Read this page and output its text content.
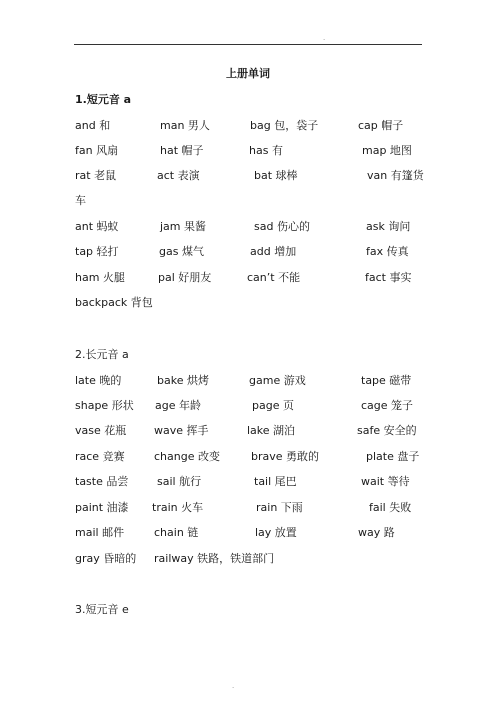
.
上册单词
1.短元音 a
and 和	man 男人	bag 包，袋子	cap 帽子
fan 风扇	hat 帽子	has 有	map 地图
rat 老鼠	act 表演	bat 球棒	van 有篷货
车
ant 蚂蚁	jam 果酱	sad 伤心的	ask 询问
tap 轻打	gas 煤气	add 增加	fax 传真
ham 火腿	pal 好朋友	can’t 不能	fact 事实
backpack 背包
2.长元音 a
late 晚的	bake 烘烤	game 游戏	tape 磁带
shape 形状 age 年龄	page 页	cage 笼子
vase 花瓶	wave 挥手	lake 湖泊	safe 安全的
race 竞赛	change 改变	brave 勇敢的	plate 盘子
taste 品尝	sail 航行	tail 尾巴	wait 等待
paint 油漆 train 火车	rain 下雨	fail 失败
mail 邮件	chain 链	lay 放置	way 路
gray 昏暗的 railway 铁路，铁道部门
3.短元音 e
.
